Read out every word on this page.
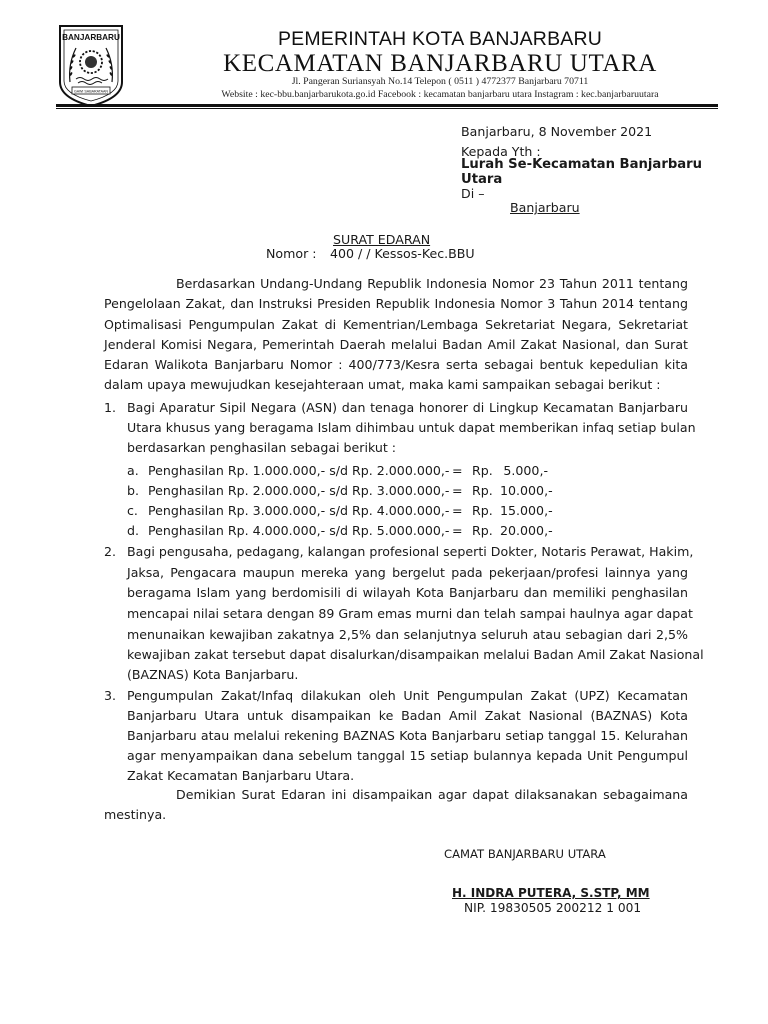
BANJARBARU
GAWI SABARATAAN
PEMERINTAH KOTA BANJARBARU
KECAMATAN BANJARBARU UTARA
Jl. Pangeran Suriansyah No.14 Telepon ( 0511 ) 4772377 Banjarbaru 70711
Website : kec-bbu.banjarbarukota.go.id Facebook : kecamatan banjarbaru utara Instagram : kec.banjarbaruutara
Banjarbaru, 8 November 2021
Kepada Yth :
Lurah Se-Kecamatan Banjarbaru
Utara
Di –
Banjarbaru
SURAT EDARAN
Nomor : 400 / / Kessos-Kec.BBU
Berdasarkan Undang-Undang Republik Indonesia Nomor 23 Tahun 2011 tentang
Pengelolaan Zakat, dan Instruksi Presiden Republik Indonesia Nomor 3 Tahun 2014 tentang
Optimalisasi Pengumpulan Zakat di Kementrian/Lembaga Sekretariat Negara, Sekretariat
Jenderal Komisi Negara, Pemerintah Daerah melalui Badan Amil Zakat Nasional, dan Surat
Edaran Walikota Banjarbaru Nomor : 400/773/Kesra serta sebagai bentuk kepedulian kita
dalam upaya mewujudkan kesejahteraan umat, maka kami sampaikan sebagai berikut :
1. Bagi Aparatur Sipil Negara (ASN) dan tenaga honorer di Lingkup Kecamatan Banjarbaru
Utara khusus yang beragama Islam dihimbau untuk dapat memberikan infaq setiap bulan
berdasarkan penghasilan sebagai berikut :
a. Penghasilan Rp. 1.000.000,- s/d Rp. 2.000.000,- = Rp. 5.000,-
b. Penghasilan Rp. 2.000.000,- s/d Rp. 3.000.000,- = Rp. 10.000,-
c. Penghasilan Rp. 3.000.000,- s/d Rp. 4.000.000,- = Rp. 15.000,-
d. Penghasilan Rp. 4.000.000,- s/d Rp. 5.000.000,- = Rp. 20.000,-
2. Bagi pengusaha, pedagang, kalangan profesional seperti Dokter, Notaris Perawat, Hakim,
Jaksa, Pengacara maupun mereka yang bergelut pada pekerjaan/profesi lainnya yang
beragama Islam yang berdomisili di wilayah Kota Banjarbaru dan memiliki penghasilan
mencapai nilai setara dengan 89 Gram emas murni dan telah sampai haulnya agar dapat
menunaikan kewajiban zakatnya 2,5% dan selanjutnya seluruh atau sebagian dari 2,5%
kewajiban zakat tersebut dapat disalurkan/disampaikan melalui Badan Amil Zakat Nasional
(BAZNAS) Kota Banjarbaru.
3. Pengumpulan Zakat/Infaq dilakukan oleh Unit Pengumpulan Zakat (UPZ) Kecamatan
Banjarbaru Utara untuk disampaikan ke Badan Amil Zakat Nasional (BAZNAS) Kota
Banjarbaru atau melalui rekening BAZNAS Kota Banjarbaru setiap tanggal 15. Kelurahan
agar menyampaikan dana sebelum tanggal 15 setiap bulannya kepada Unit Pengumpul
Zakat Kecamatan Banjarbaru Utara.
Demikian Surat Edaran ini disampaikan agar dapat dilaksanakan sebagaimana
mestinya.
CAMAT BANJARBARU UTARA
H. INDRA PUTERA, S.STP, MM
NIP. 19830505 200212 1 001
